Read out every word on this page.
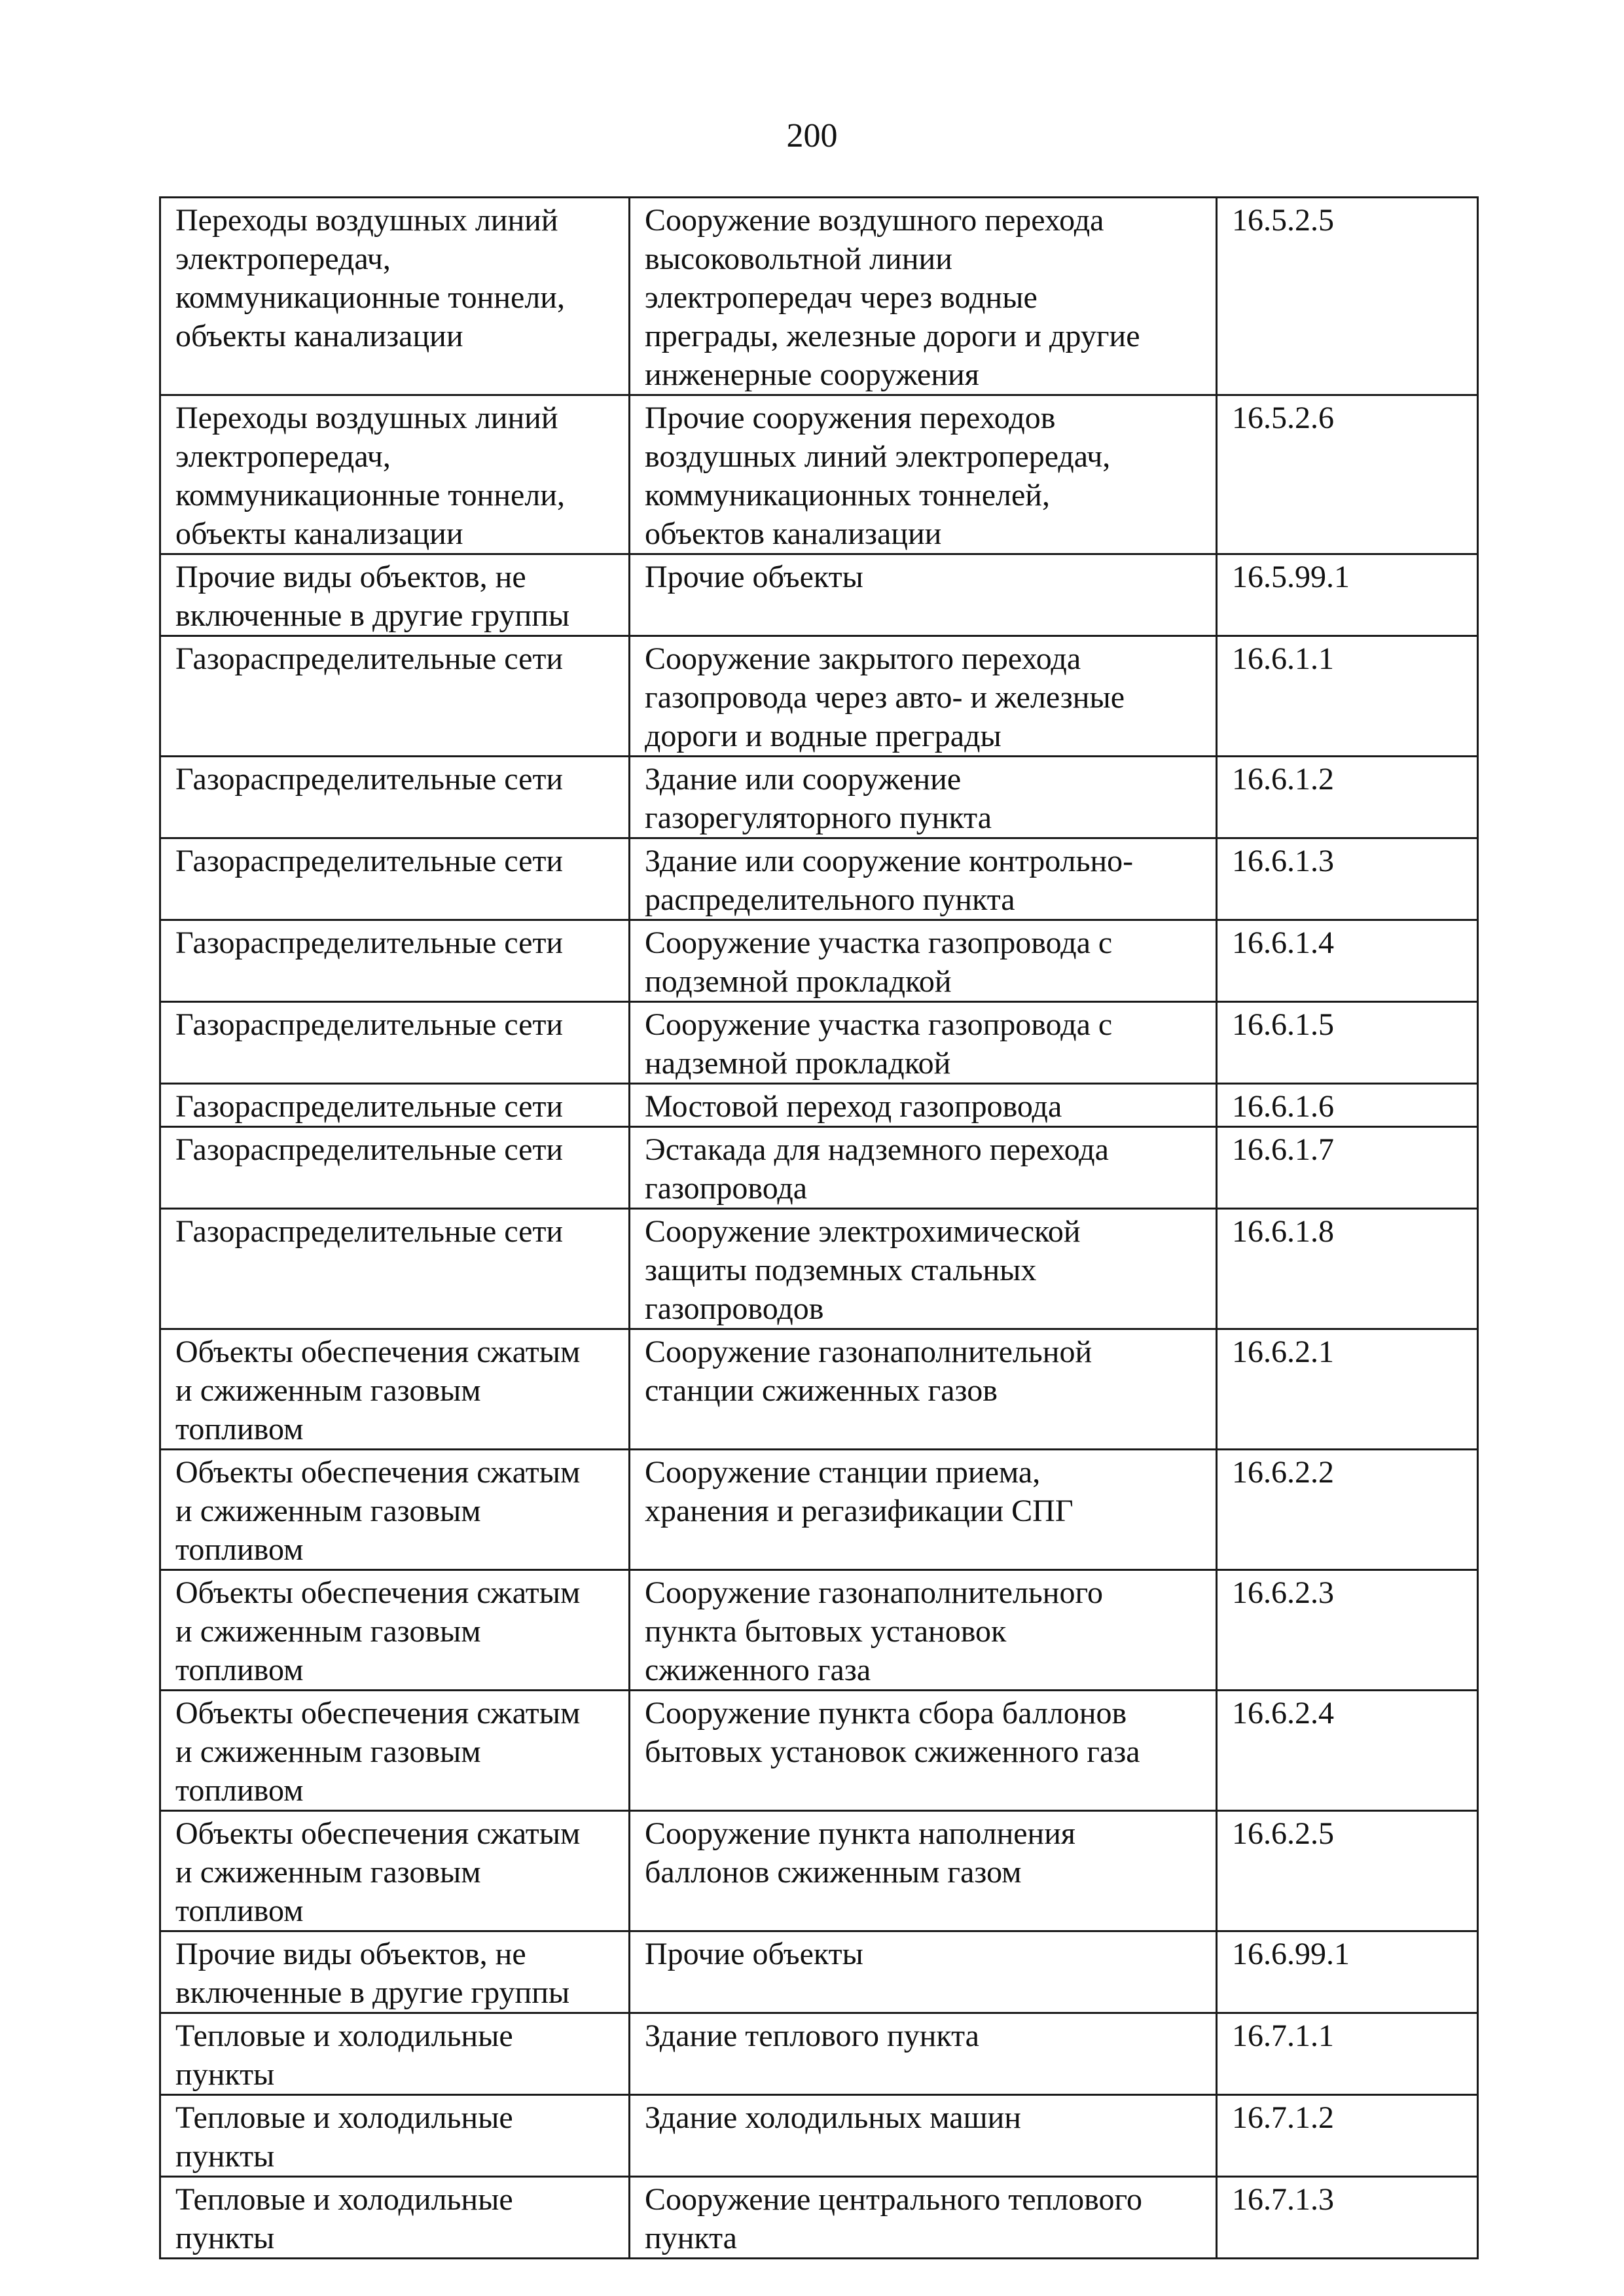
200
Переходы воздушных линий
электропередач,
коммуникационные тоннели,
объекты канализации	Сооружение воздушного перехода
высоковольтной линии
электропередач через водные
преграды, железные дороги и другие
инженерные сооружения	16.5.2.5
Переходы воздушных линий
электропередач,
коммуникационные тоннели,
объекты канализации	Прочие сооружения переходов
воздушных линий электропередач,
коммуникационных тоннелей,
объектов канализации	16.5.2.6
Прочие виды объектов, не
включенные в другие группы	Прочие объекты	16.5.99.1
Газораспределительные сети	Сооружение закрытого перехода
газопровода через авто- и железные
дороги и водные преграды	16.6.1.1
Газораспределительные сети	Здание или сооружение
газорегуляторного пункта	16.6.1.2
Газораспределительные сети	Здание или сооружение контрольно-
распределительного пункта	16.6.1.3
Газораспределительные сети	Сооружение участка газопровода с
подземной прокладкой	16.6.1.4
Газораспределительные сети	Сооружение участка газопровода с
надземной прокладкой	16.6.1.5
Газораспределительные сети	Мостовой переход газопровода	16.6.1.6
Газораспределительные сети	Эстакада для надземного перехода
газопровода	16.6.1.7
Газораспределительные сети	Сооружение электрохимической
защиты подземных стальных
газопроводов	16.6.1.8
Объекты обеспечения сжатым
и сжиженным газовым
топливом	Сооружение газонаполнительной
станции сжиженных газов	16.6.2.1
Объекты обеспечения сжатым
и сжиженным газовым
топливом	Сооружение станции приема,
хранения и регазификации СПГ	16.6.2.2
Объекты обеспечения сжатым
и сжиженным газовым
топливом	Сооружение газонаполнительного
пункта бытовых установок
сжиженного газа	16.6.2.3
Объекты обеспечения сжатым
и сжиженным газовым
топливом	Сооружение пункта сбора баллонов
бытовых установок сжиженного газа	16.6.2.4
Объекты обеспечения сжатым
и сжиженным газовым
топливом	Сооружение пункта наполнения
баллонов сжиженным газом	16.6.2.5
Прочие виды объектов, не
включенные в другие группы	Прочие объекты	16.6.99.1
Тепловые и холодильные
пункты	Здание теплового пункта	16.7.1.1
Тепловые и холодильные
пункты	Здание холодильных машин	16.7.1.2
Тепловые и холодильные
пункты	Сооружение центрального теплового
пункта	16.7.1.3
